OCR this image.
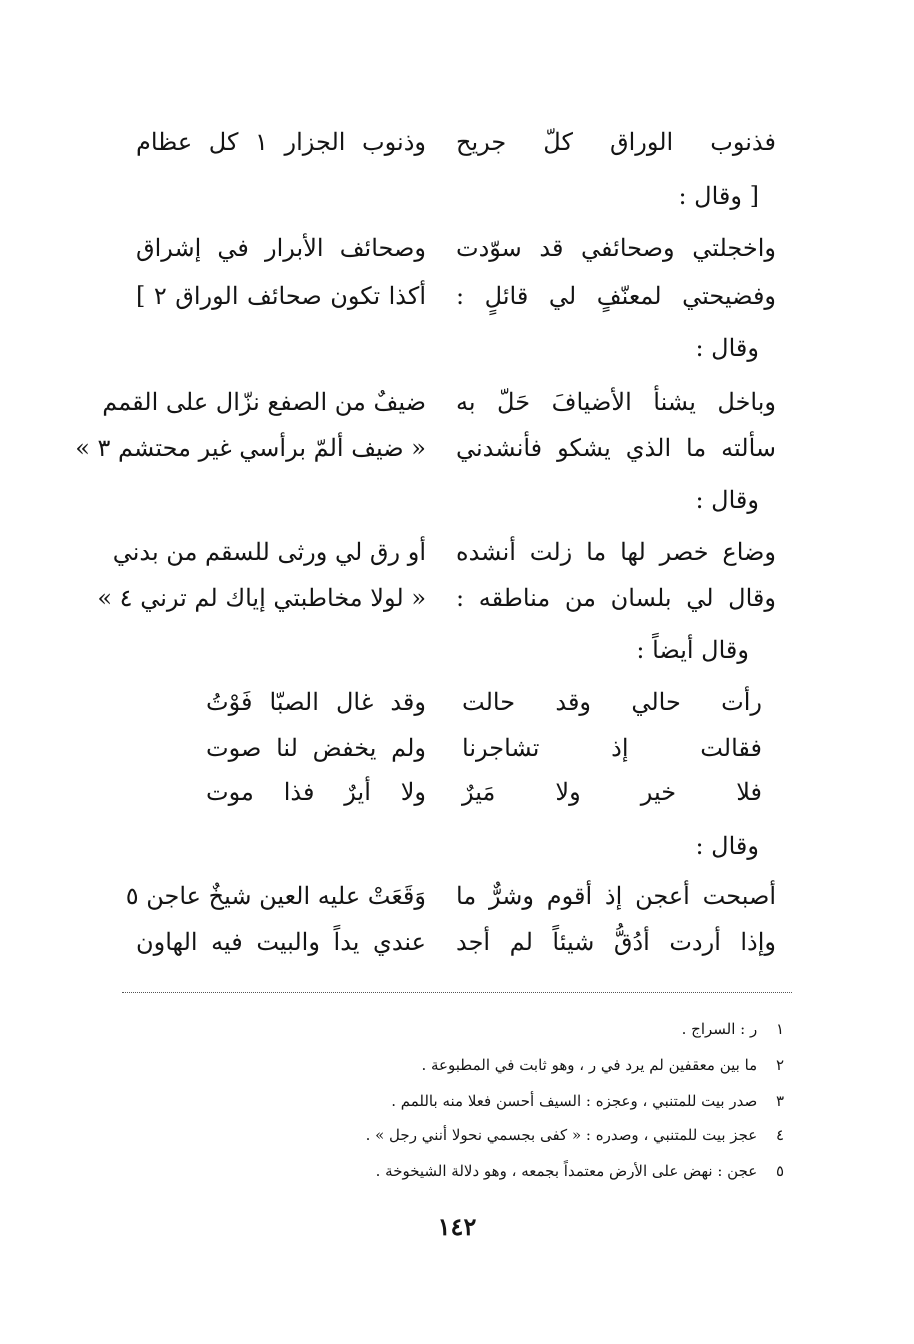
فذنوب الوراق كلّ جريح
وذنوب الجزار ١ كل عظام
[ وقال :
واخجلتي وصحائفي قد سوّدت
وصحائف الأبرار في إشراق
وفضيحتي لمعنّفٍ لي قائلٍ :
أكذا تكون صحائف الوراق ٢ ]
وقال :
وباخل يشنأ الأضيافَ حَلّ به
ضيفٌ من الصفع نزّال على القمم
سألته ما الذي يشكو فأنشدني
« ضيف ألمّ برأسي غير محتشم ٣ »
وقال :
وضاع خصر لها ما زلت أنشده
أو رق لي ورثى للسقم من بدني
وقال لي بلسان من مناطقه :
« لولا مخاطبتي إياك لم ترني ٤ »
وقال أيضاً :
رأت حالي وقد حالت
وقد غال الصبّا فَوْتُ
فقالت إذ تشاجرنا
ولم يخفض لنا صوت
فلا خير ولا مَيرٌ
ولا أيرٌ فذا موت
وقال :
أصبحت أعجن إذ أقوم وشرٌّ ما
وَقَعَتْ عليه العين شيخٌ عاجن ٥
وإذا أردت أدُقُّ شيئاً لم أجد
عندي يداً والبيت فيه الهاون
١ ر : السراج .
٢ ما بين معقفين لم يرد في ر ، وهو ثابت في المطبوعة .
٣ صدر بيت للمتنبي ، وعجزه : السيف أحسن فعلا منه باللمم .
٤ عجز بيت للمتنبي ، وصدره : « كفى بجسمي نحولا أنني رجل » .
٥ عجن : نهض على الأرض معتمداً بجمعه ، وهو دلالة الشيخوخة .
١٤٢
